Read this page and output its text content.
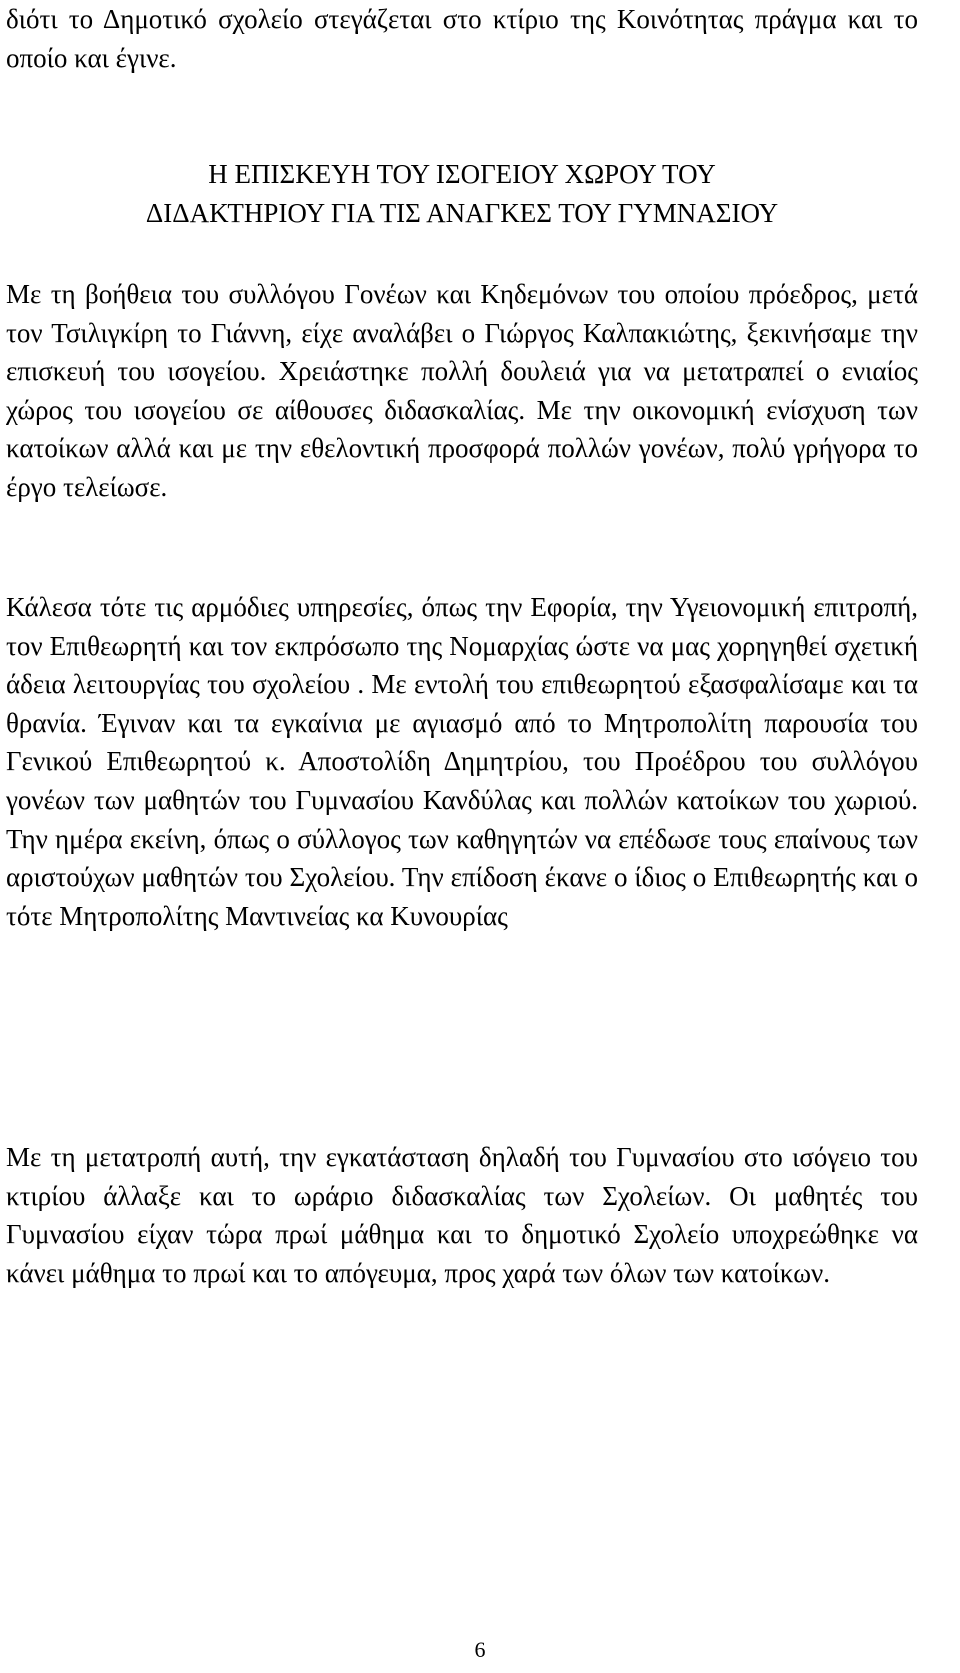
διότι το Δημοτικό σχολείο στεγάζεται στο κτίριο της Κοινότητας πράγμα και το οποίο και έγινε.

Η ΕΠΙΣΚΕΥΗ ΤΟΥ ΙΣΟΓΕΙΟΥ ΧΩΡΟΥ ΤΟΥ
ΔΙΔΑΚΤΗΡΙΟΥ ΓΙΑ ΤΙΣ ΑΝΑΓΚΕΣ ΤΟΥ ΓΥΜΝΑΣΙΟΥ

Με τη βοήθεια του συλλόγου Γονέων και Κηδεμόνων του οποίου πρόεδρος, μετά τον Τσιλιγκίρη το Γιάννη, είχε αναλάβει ο Γιώργος Καλπακιώτης, ξεκινήσαμε την επισκευή του ισογείου. Χρειάστηκε πολλή δουλειά για να μετατραπεί ο ενιαίος χώρος του ισογείου σε αίθουσες διδασκαλίας. Με την οικονομική ενίσχυση των κατοίκων αλλά και με την εθελοντική προσφορά πολλών γονέων, πολύ γρήγορα το έργο τελείωσε.

Κάλεσα τότε τις αρμόδιες υπηρεσίες, όπως την Εφορία, την Υγειονομική επιτροπή, τον Επιθεωρητή και τον εκπρόσωπο της Νομαρχίας ώστε να μας χορηγηθεί σχετική άδεια λειτουργίας του σχολείου . Με εντολή του επιθεωρητού εξασφαλίσαμε και τα θρανία. Έγιναν και τα εγκαίνια με αγιασμό από το Μητροπολίτη παρουσία του Γενικού Επιθεωρητού κ. Αποστολίδη Δημητρίου, του Προέδρου του συλλόγου γονέων των μαθητών του Γυμνασίου Κανδύλας και πολλών κατοίκων του χωριού. Την ημέρα εκείνη, όπως ο σύλλογος των καθηγητών να επέδωσε τους επαίνους των αριστούχων μαθητών του Σχολείου. Την επίδοση έκανε ο ίδιος ο Επιθεωρητής και ο τότε Μητροπολίτης Μαντινείας κα Κυνουρίας

Με τη μετατροπή αυτή, την εγκατάσταση δηλαδή του Γυμνασίου στο ισόγειο του κτιρίου άλλαξε και το ωράριο διδασκαλίας των Σχολείων. Οι μαθητές του Γυμνασίου είχαν τώρα πρωί μάθημα και το δημοτικό Σχολείο υποχρεώθηκε να κάνει μάθημα το πρωί και το απόγευμα, προς χαρά των όλων των κατοίκων.

6
